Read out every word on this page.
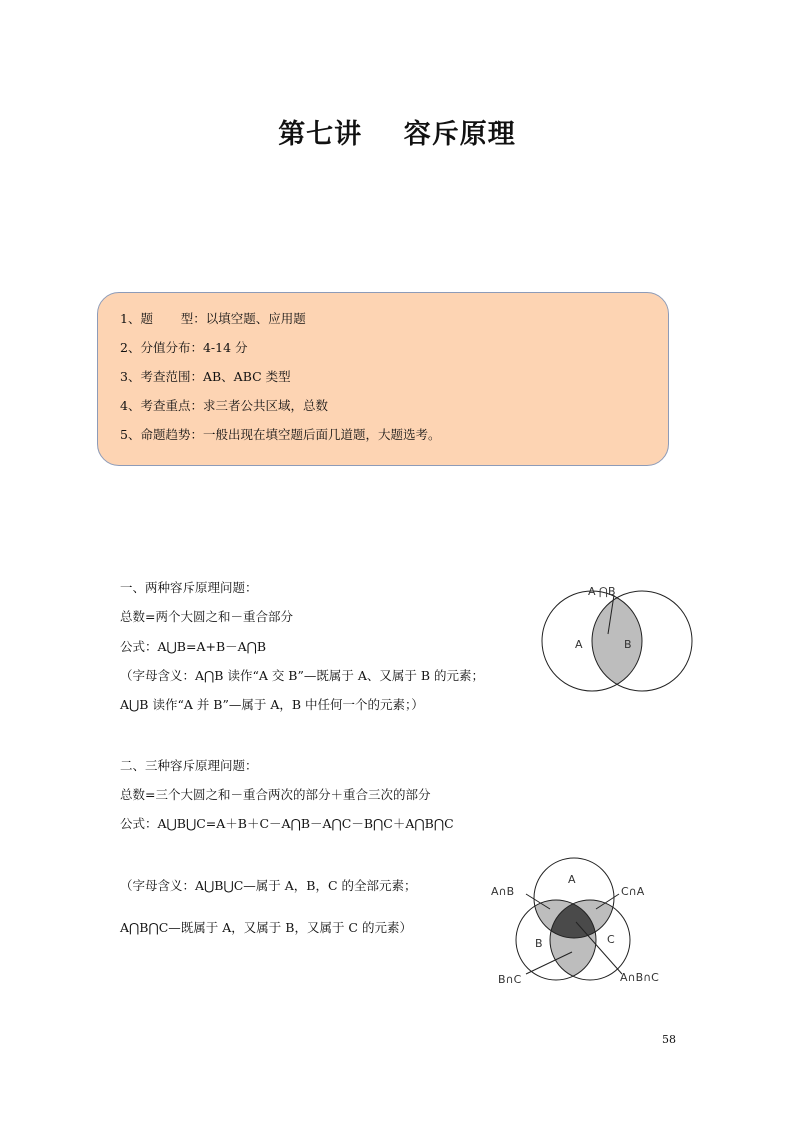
第七讲    容斥原理
1、题       型：以填空题、应用题
2、分值分布：4-14 分
3、考查范围：AB、ABC 类型
4、考查重点：求三者公共区域，总数
5、命题趋势：一般出现在填空题后面几道题，大题选考。
一、两种容斥原理问题：
总数=两个大圆之和－重合部分
公式：A⋃B=A+B－A⋂B
（字母含义：A⋂B 读作“A 交 B”—既属于 A、又属于 B 的元素；
A⋃B 读作“A 并 B”—属于 A，B 中任何一个的元素；）
A ⋂B
A	B
二、三种容斥原理问题：
总数=三个大圆之和－重合两次的部分＋重合三次的部分
公式：A⋃B⋃C=A＋B＋C－A⋂B－A⋂C－B⋂C＋A⋂B⋂C
（字母含义：A⋃B⋃C—属于 A，B，C 的全部元素；
A⋂B⋂C—既属于 A，又属于 B，又属于 C 的元素）
A
B	C
A∩B	C∩A
B∩C	A∩B∩C
58
